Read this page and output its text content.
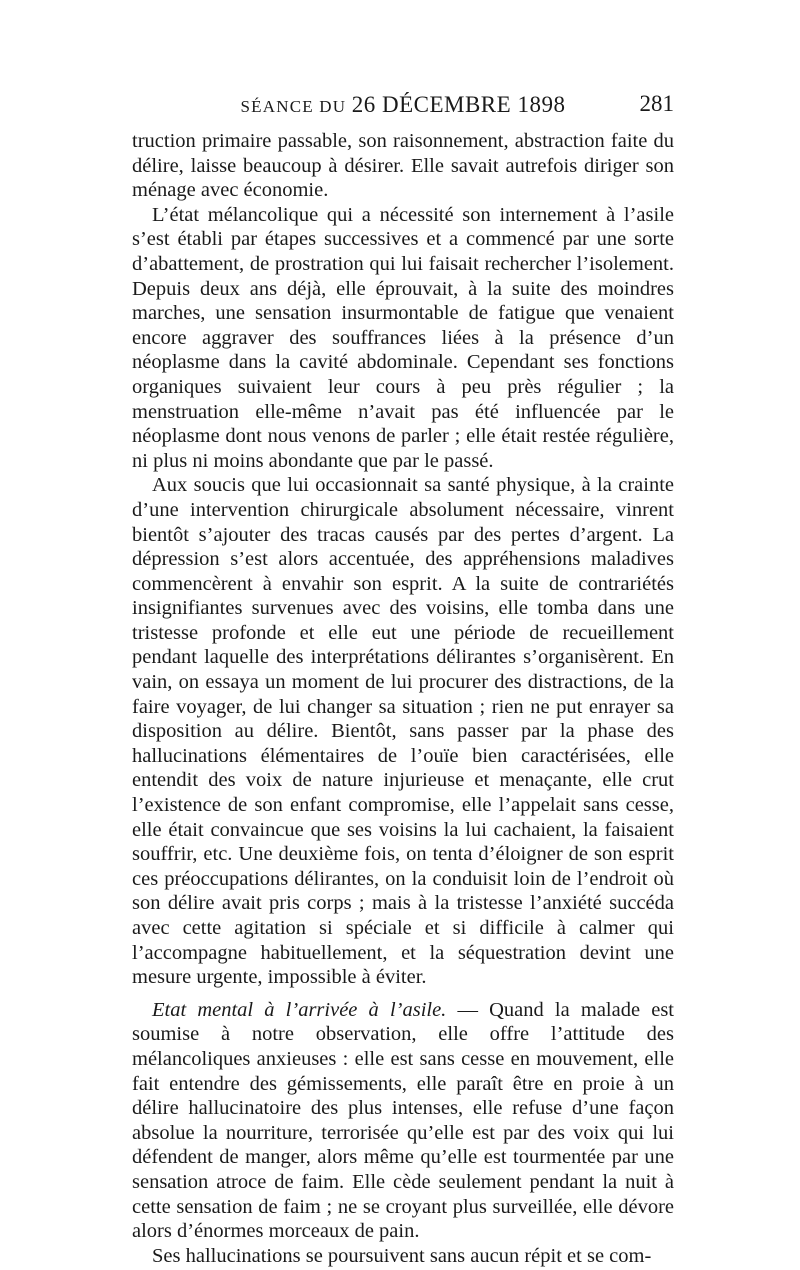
SÉANCE DU 26 DÉCEMBRE 1898	281

truction primaire passable, son raisonnement, abstraction faite du délire, laisse beaucoup à désirer. Elle savait autrefois diriger son ménage avec économie.

L’état mélancolique qui a nécessité son internement à l’asile s’est établi par étapes successives et a commencé par une sorte d’abattement, de prostration qui lui faisait rechercher l’isolement. Depuis deux ans déjà, elle éprouvait, à la suite des moindres marches, une sensation insurmontable de fatigue que venaient encore aggraver des souffrances liées à la présence d’un néoplasme dans la cavité abdominale. Cependant ses fonctions organiques suivaient leur cours à peu près régulier ; la menstruation elle-même n’avait pas été influencée par le néoplasme dont nous venons de parler ; elle était restée régulière, ni plus ni moins abondante que par le passé.

Aux soucis que lui occasionnait sa santé physique, à la crainte d’une intervention chirurgicale absolument nécessaire, vinrent bientôt s’ajouter des tracas causés par des pertes d’argent. La dépression s’est alors accentuée, des appréhensions maladives commencèrent à envahir son esprit. A la suite de contrariétés insignifiantes survenues avec des voisins, elle tomba dans une tristesse profonde et elle eut une période de recueillement pendant laquelle des interprétations délirantes s’organisèrent. En vain, on essaya un moment de lui procurer des distractions, de la faire voyager, de lui changer sa situation ; rien ne put enrayer sa disposition au délire. Bientôt, sans passer par la phase des hallucinations élémentaires de l’ouïe bien caractérisées, elle entendit des voix de nature injurieuse et menaçante, elle crut l’existence de son enfant compromise, elle l’appelait sans cesse, elle était convaincue que ses voisins la lui cachaient, la faisaient souffrir, etc. Une deuxième fois, on tenta d’éloigner de son esprit ces préoccupations délirantes, on la conduisit loin de l’endroit où son délire avait pris corps ; mais à la tristesse l’anxiété succéda avec cette agitation si spéciale et si difficile à calmer qui l’accompagne habituellement, et la séquestration devint une mesure urgente, impossible à éviter.

Etat mental à l’arrivée à l’asile. — Quand la malade est soumise à notre observation, elle offre l’attitude des mélancoliques anxieuses : elle est sans cesse en mouvement, elle fait entendre des gémissements, elle paraît être en proie à un délire hallucinatoire des plus intenses, elle refuse d’une façon absolue la nourriture, terrorisée qu’elle est par des voix qui lui défendent de manger, alors même qu’elle est tourmentée par une sensation atroce de faim. Elle cède seulement pendant la nuit à cette sensation de faim ; ne se croyant plus surveillée, elle dévore alors d’énormes morceaux de pain.

Ses hallucinations se poursuivent sans aucun répit et se com-
